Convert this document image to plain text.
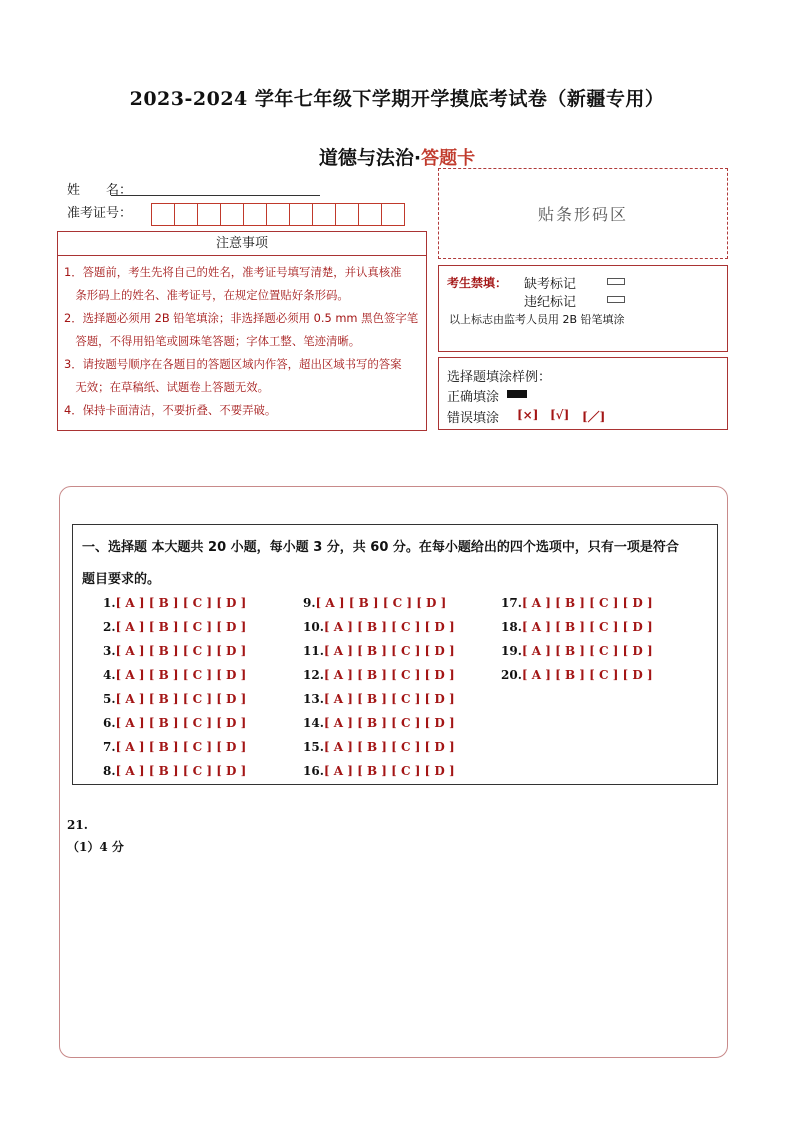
2023-2024 学年七年级下学期开学摸底考试卷（新疆专用）
道德与法治·答题卡
姓　　名：
准考证号：	贴条形码区
注意事项
1．答题前，考生先将自己的姓名，准考证号填写清楚，并认真核准
　条形码上的姓名、准考证号，在规定位置贴好条形码。
2．选择题必须用 2B 铅笔填涂；非选择题必须用 0.5 mm 黑色签字笔
　答题，不得用铅笔或圆珠笔答题；字体工整、笔迹清晰。
3．请按题号顺序在各题目的答题区域内作答，超出区域书写的答案
　无效；在草稿纸、试题卷上答题无效。
4．保持卡面清洁，不要折叠、不要弄破。
考生禁填： 缺考标记
违纪标记
以上标志由监考人员用 2B 铅笔填涂
选择题填涂样例：
正确填涂
错误填涂 [×] [√] [／]
一、选择题 本大题共 20 小题，每小题 3 分，共 60 分。在每小题给出的四个选项中，只有一项是符合
题目要求的。
1.[ A ] [ B ] [ C ] [ D ]
2.[ A ] [ B ] [ C ] [ D ]
3.[ A ] [ B ] [ C ] [ D ]
4.[ A ] [ B ] [ C ] [ D ]
5.[ A ] [ B ] [ C ] [ D ]
6.[ A ] [ B ] [ C ] [ D ]
7.[ A ] [ B ] [ C ] [ D ]
8.[ A ] [ B ] [ C ] [ D ]
9.[ A ] [ B ] [ C ] [ D ]
10.[ A ] [ B ] [ C ] [ D ]
11.[ A ] [ B ] [ C ] [ D ]
12.[ A ] [ B ] [ C ] [ D ]
13.[ A ] [ B ] [ C ] [ D ]
14.[ A ] [ B ] [ C ] [ D ]
15.[ A ] [ B ] [ C ] [ D ]
16.[ A ] [ B ] [ C ] [ D ]
17.[ A ] [ B ] [ C ] [ D ]
18.[ A ] [ B ] [ C ] [ D ]
19.[ A ] [ B ] [ C ] [ D ]
20.[ A ] [ B ] [ C ] [ D ]
21.
（1）4 分
